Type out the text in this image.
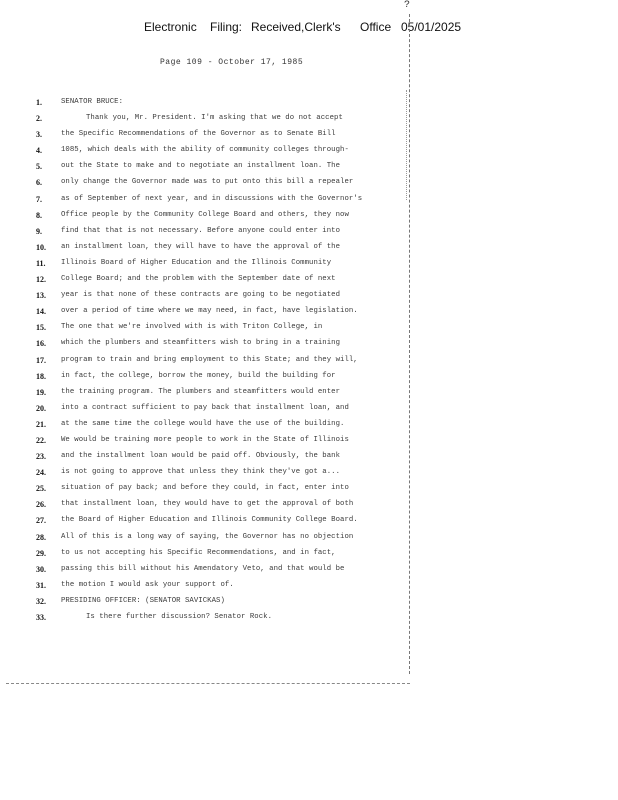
Electronic Filing: Received,Clerk's Office 05/01/2025
?
Page 109 - October 17, 1985
1.	SENATOR BRUCE:
2.	Thank you, Mr. President. I'm asking that we do not accept
3.	the Specific Recommendations of the Governor as to Senate Bill
4.	1085, which deals with the ability of community colleges through-
5.	out the State to make and to negotiate an installment loan. The
6.	only change the Governor made was to put onto this bill a repealer
7.	as of September of next year, and in discussions with the Governor's
8.	Office people by the Community College Board and others, they now
9.	find that that is not necessary. Before anyone could enter into
10.	an installment loan, they will have to have the approval of the
11.	Illinois Board of Higher Education and the Illinois Community
12.	College Board; and the problem with the September date of next
13.	year is that none of these contracts are going to be negotiated
14.	over a period of time where we may need, in fact, have legislation.
15.	The one that we're involved with is with Triton College, in
16.	which the plumbers and steamfitters wish to bring in a training
17.	program to train and bring employment to this State; and they will,
18.	in fact, the college, borrow the money, build the building for
19.	the training program. The plumbers and steamfitters would enter
20.	into a contract sufficient to pay back that installment loan, and
21.	at the same time the college would have the use of the building.
22.	We would be training more people to work in the State of Illinois
23.	and the installment loan would be paid off. Obviously, the bank
24.	is not going to approve that unless they think they've got a...
25.	situation of pay back; and before they could, in fact, enter into
26.	that installment loan, they would have to get the approval of both
27.	the Board of Higher Education and Illinois Community College Board.
28.	All of this is a long way of saying, the Governor has no objection
29.	to us not accepting his Specific Recommendations, and in fact,
30.	passing this bill without his Amendatory Veto, and that would be
31.	the motion I would ask your support of.
32.	PRESIDING OFFICER: (SENATOR SAVICKAS)
33.	Is there further discussion? Senator Rock.
